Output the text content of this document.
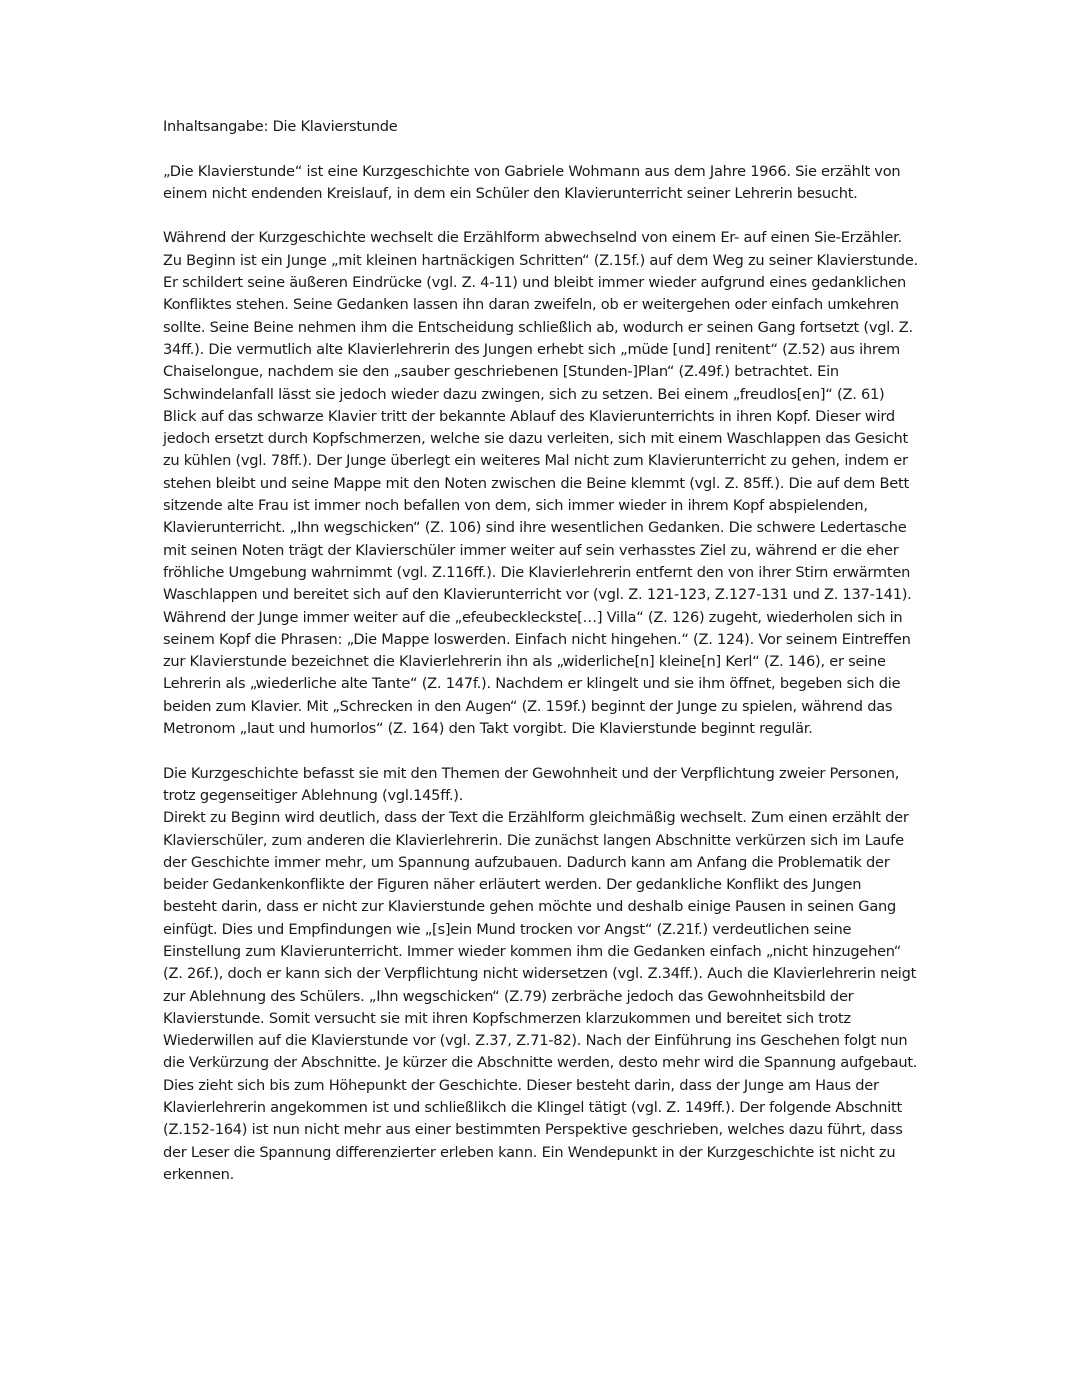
Inhaltsangabe: Die Klavierstunde

„Die Klavierstunde“ ist eine Kurzgeschichte von Gabriele Wohmann aus dem Jahre 1966. Sie erzählt von einem nicht endenden Kreislauf, in dem ein Schüler den Klavierunterricht seiner Lehrerin besucht.

Während der Kurzgeschichte wechselt die Erzählform abwechselnd von einem Er- auf einen Sie-Erzähler. Zu Beginn ist ein Junge „mit kleinen hartnäckigen Schritten“ (Z.15f.) auf dem Weg zu seiner Klavierstunde. Er schildert seine äußeren Eindrücke (vgl. Z. 4-11) und bleibt immer wieder aufgrund eines gedanklichen Konfliktes stehen. Seine Gedanken lassen ihn daran zweifeln, ob er weitergehen oder einfach umkehren sollte. Seine Beine nehmen ihm die Entscheidung schließlich ab, wodurch er seinen Gang fortsetzt (vgl. Z. 34ff.). Die vermutlich alte Klavierlehrerin des Jungen erhebt sich „müde [und] renitent“ (Z.52) aus ihrem Chaiselongue, nachdem sie den „sauber geschriebenen [Stunden-]Plan“ (Z.49f.) betrachtet. Ein Schwindelanfall lässt sie jedoch wieder dazu zwingen, sich zu setzen. Bei einem „freudlos[en]“ (Z. 61) Blick auf das schwarze Klavier tritt der bekannte Ablauf des Klavierunterrichts in ihren Kopf. Dieser wird jedoch ersetzt durch Kopfschmerzen, welche sie dazu verleiten, sich mit einem Waschlappen das Gesicht zu kühlen (vgl. 78ff.). Der Junge überlegt ein weiteres Mal nicht zum Klavierunterricht zu gehen, indem er stehen bleibt und seine Mappe mit den Noten zwischen die Beine klemmt (vgl. Z. 85ff.). Die auf dem Bett sitzende alte Frau ist immer noch befallen von dem, sich immer wieder in ihrem Kopf abspielenden, Klavierunterricht. „Ihn wegschicken“ (Z. 106) sind ihre wesentlichen Gedanken. Die schwere Ledertasche mit seinen Noten trägt der Klavierschüler immer weiter auf sein verhasstes Ziel zu, während er die eher fröhliche Umgebung wahrnimmt (vgl. Z.116ff.). Die Klavierlehrerin entfernt den von ihrer Stirn erwärmten Waschlappen und bereitet sich auf den Klavierunterricht vor (vgl. Z. 121-123, Z.127-131 und Z. 137-141). Während der Junge immer weiter auf die „efeubeckleckste[…] Villa“ (Z. 126) zugeht, wiederholen sich in seinem Kopf die Phrasen: „Die Mappe loswerden. Einfach nicht hingehen.“ (Z. 124). Vor seinem Eintreffen zur Klavierstunde bezeichnet die Klavierlehrerin ihn als „widerliche[n] kleine[n] Kerl“ (Z. 146), er seine Lehrerin als „wiederliche alte Tante“ (Z. 147f.). Nachdem er klingelt und sie ihm öffnet, begeben sich die beiden zum Klavier. Mit „Schrecken in den Augen“ (Z. 159f.) beginnt der Junge zu spielen, während das Metronom „laut und humorlos“ (Z. 164) den Takt vorgibt. Die Klavierstunde beginnt regulär.

Die Kurzgeschichte befasst sie mit den Themen der Gewohnheit und der Verpflichtung zweier Personen, trotz gegenseitiger Ablehnung (vgl.145ff.).

Direkt zu Beginn wird deutlich, dass der Text die Erzählform gleichmäßig wechselt. Zum einen erzählt der Klavierschüler, zum anderen die Klavierlehrerin. Die zunächst langen Abschnitte verkürzen sich im Laufe der Geschichte immer mehr, um Spannung aufzubauen. Dadurch kann am Anfang die Problematik der beider Gedankenkonflikte der Figuren näher erläutert werden. Der gedankliche Konflikt des Jungen besteht darin, dass er nicht zur Klavierstunde gehen möchte und deshalb einige Pausen in seinen Gang einfügt. Dies und Empfindungen wie „[s]ein Mund trocken vor Angst“ (Z.21f.) verdeutlichen seine Einstellung zum Klavierunterricht. Immer wieder kommen ihm die Gedanken einfach „nicht hinzugehen“ (Z. 26f.), doch er kann sich der Verpflichtung nicht widersetzen (vgl. Z.34ff.). Auch die Klavierlehrerin neigt zur Ablehnung des Schülers. „Ihn wegschicken“ (Z.79) zerbräche jedoch das Gewohnheitsbild der Klavierstunde. Somit versucht sie mit ihren Kopfschmerzen klarzukommen und bereitet sich trotz Wiederwillen auf die Klavierstunde vor (vgl. Z.37, Z.71-82). Nach der Einführung ins Geschehen folgt nun die Verkürzung der Abschnitte. Je kürzer die Abschnitte werden, desto mehr wird die Spannung aufgebaut. Dies zieht sich bis zum Höhepunkt der Geschichte. Dieser besteht darin, dass der Junge am Haus der Klavierlehrerin angekommen ist und schließlikch die Klingel tätigt (vgl. Z. 149ff.). Der folgende Abschnitt (Z.152-164) ist nun nicht mehr aus einer bestimmten Perspektive geschrieben, welches dazu führt, dass der Leser die Spannung differenzierter erleben kann. Ein Wendepunkt in der Kurzgeschichte ist nicht zu erkennen.
